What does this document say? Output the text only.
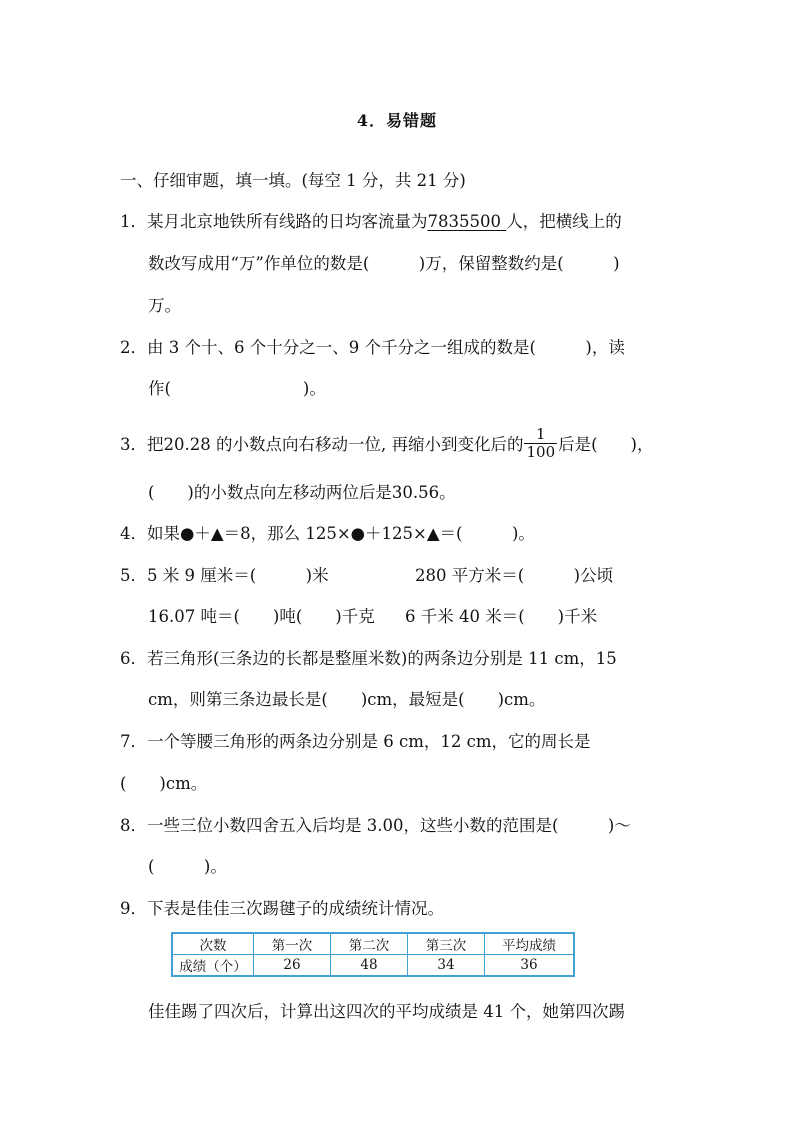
4．易错题
一、仔细审题，填一填。(每空 1 分，共 21 分)
1．某月北京地铁所有线路的日均客流量为7835500 人，把横线上的
数改写成用“万”作单位的数是(　　　)万，保留整数约是(　　　)
万。
2．由 3 个十、6 个十分之一、9 个千分之一组成的数是(　　　)，读
作(　　　　　　　　)。
3．把20.28 的小数点向右移动一位, 再缩小到变化后的 $\frac{1}{100}$ 后是(　　)，
(　　)的小数点向左移动两位后是30.56。
4．如果●＋▲＝8，那么 125×●＋125×▲＝(　　　)。
5．5 米 9 厘米＝(　　　)米	280 平方米＝(　　　)公顷
16.07 吨＝(　　)吨(　　)千克 6 千米 40 米＝(　　)千米
6．若三角形(三条边的长都是整厘米数)的两条边分别是 11 cm，15
cm，则第三条边最长是(　　)cm，最短是(　　)cm。
7．一个等腰三角形的两条边分别是 6 cm，12 cm，它的周长是
(　　)cm。
8．一些三位小数四舍五入后均是 3.00，这些小数的范围是(　　　)～
(　　　)。
9．下表是佳佳三次踢毽子的成绩统计情况。
次数	第一次	第二次	第三次	平均成绩
成绩（个）	26	48	34	36
佳佳踢了四次后，计算出这四次的平均成绩是 41 个，她第四次踢
